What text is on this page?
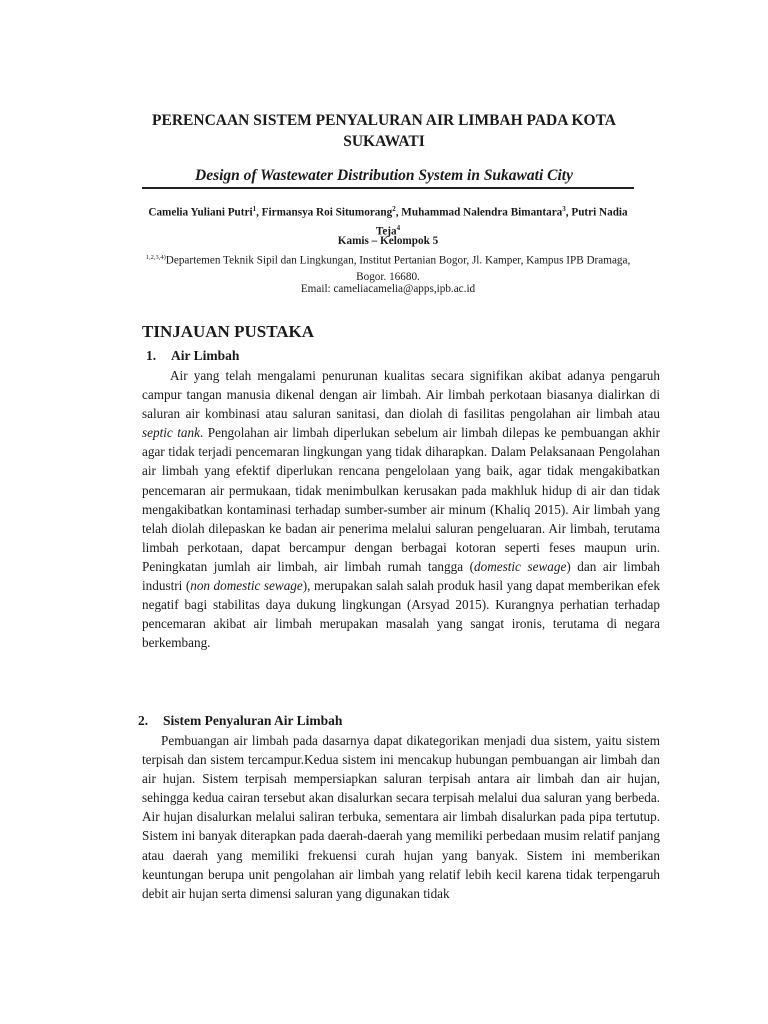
PERENCAAN SISTEM PENYALURAN AIR LIMBAH PADA KOTA SUKAWATI
Design of Wastewater Distribution System in Sukawati City
Camelia Yuliani Putri$^1$, Firmansya Roi Situmorang$^2$, Muhammad Nalendra Bimantara$^3$, Putri Nadia Teja$^4$
Kamis – Kelompok 5
$^{1,2,3,4)}$Departemen Teknik Sipil dan Lingkungan, Institut Pertanian Bogor, Jl. Kamper, Kampus IPB Dramaga, Bogor. 16680.
Email: cameliacamelia@apps,ipb.ac.id
TINJAUAN PUSTAKA
1. Air Limbah

Air yang telah mengalami penurunan kualitas secara signifikan akibat adanya pengaruh campur tangan manusia dikenal dengan air limbah. Air limbah perkotaan biasanya dialirkan di saluran air kombinasi atau saluran sanitasi, dan diolah di fasilitas pengolahan air limbah atau septic tank. Pengolahan air limbah diperlukan sebelum air limbah dilepas ke pembuangan akhir agar tidak terjadi pencemaran lingkungan yang tidak diharapkan. Dalam Pelaksanaan Pengolahan air limbah yang efektif diperlukan rencana pengelolaan yang baik, agar tidak mengakibatkan pencemaran air permukaan, tidak menimbulkan kerusakan pada makhluk hidup di air dan tidak mengakibatkan kontaminasi terhadap sumber-sumber air minum (Khaliq 2015). Air limbah yang telah diolah dilepaskan ke badan air penerima melalui saluran pengeluaran. Air limbah, terutama limbah perkotaan, dapat bercampur dengan berbagai kotoran seperti feses maupun urin. Peningkatan jumlah air limbah, air limbah rumah tangga (domestic sewage) dan air limbah industri (non domestic sewage), merupakan salah salah produk hasil yang dapat memberikan efek negatif bagi stabilitas daya dukung lingkungan (Arsyad 2015). Kurangnya perhatian terhadap pencemaran akibat air limbah merupakan masalah yang sangat ironis, terutama di negara berkembang.

2. Sistem Penyaluran Air Limbah

Pembuangan air limbah pada dasarnya dapat dikategorikan menjadi dua sistem, yaitu sistem terpisah dan sistem tercampur.Kedua sistem ini mencakup hubungan pembuangan air limbah dan air hujan. Sistem terpisah mempersiapkan saluran terpisah antara air limbah dan air hujan, sehingga kedua cairan tersebut akan disalurkan secara terpisah melalui dua saluran yang berbeda. Air hujan disalurkan melalui saliran terbuka, sementara air limbah disalurkan pada pipa tertutup. Sistem ini banyak diterapkan pada daerah-daerah yang memiliki perbedaan musim relatif panjang atau daerah yang memiliki frekuensi curah hujan yang banyak. Sistem ini memberikan keuntungan berupa unit pengolahan air limbah yang relatif lebih kecil karena tidak terpengaruh debit air hujan serta dimensi saluran yang digunakan tidak
